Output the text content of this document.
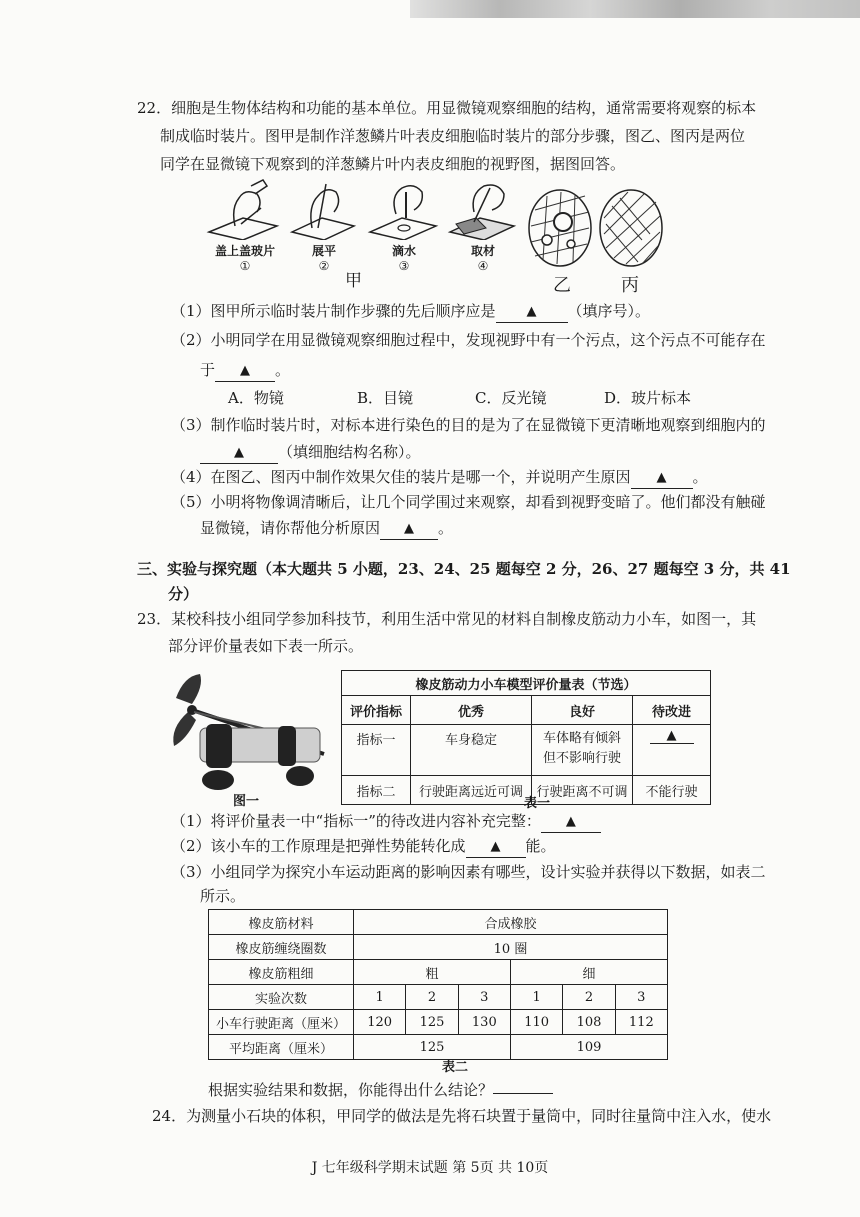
22．细胞是生物体结构和功能的基本单位。用显微镜观察细胞的结构，通常需要将观察的标本
制成临时装片。图甲是制作洋葱鳞片叶表皮细胞临时装片的部分步骤，图乙、图丙是两位
同学在显微镜下观察到的洋葱鳞片叶内表皮细胞的视野图，据图回答。
盖上盖玻片
①
展平
②
滴水
③
取材
④
甲	乙	丙
（1）图甲所示临时装片制作步骤的先后顺序应是 ▲ （填序号）。
（2）小明同学在用显微镜观察细胞过程中，发现视野中有一个污点，这个污点不可能存在
于 ▲ 。
A．物镜	B．目镜	C．反光镜	D．玻片标本
（3）制作临时装片时，对标本进行染色的目的是为了在显微镜下更清晰地观察到细胞内的
▲ （填细胞结构名称）。
（4）在图乙、图丙中制作效果欠佳的装片是哪一个，并说明产生原因 ▲ 。
（5）小明将物像调清晰后，让几个同学围过来观察，却看到视野变暗了。他们都没有触碰
显微镜，请你帮他分析原因 ▲ 。
三、实验与探究题（本大题共 5 小题，23、24、25 题每空 2 分，26、27 题每空 3 分，共 41
分）
23．某校科技小组同学参加科技节，利用生活中常见的材料自制橡皮筋动力小车，如图一，其
部分评价量表如下表一所示。
图一
橡皮筋动力小车模型评价量表（节选）			
评价指标	优秀	良好	待改进
指标一	车身稳定	车体略有倾斜
但不影响行驶	▲
指标二	行驶距离远近可调	行驶距离不可调	不能行驶
表一
（1）将评价量表一中“指标一”的待改进内容补充完整： ▲
（2）该小车的工作原理是把弹性势能转化成 ▲ 能。
（3）小组同学为探究小车运动距离的影响因素有哪些，设计实验并获得以下数据，如表二
所示。
橡皮筋材料	合成橡胶					
橡皮筋缠绕圈数	10 圈					
橡皮筋粗细	粗			细		
实验次数	1	2	3	1	2	3
小车行驶距离（厘米）	120	125	130	110	108	112
平均距离（厘米）	125			109		
表二
根据实验结果和数据，你能得出什么结论？
24．为测量小石块的体积，甲同学的做法是先将石块置于量筒中，同时往量筒中注入水，使水
J 七年级科学期末试题 第 5页 共 10页
